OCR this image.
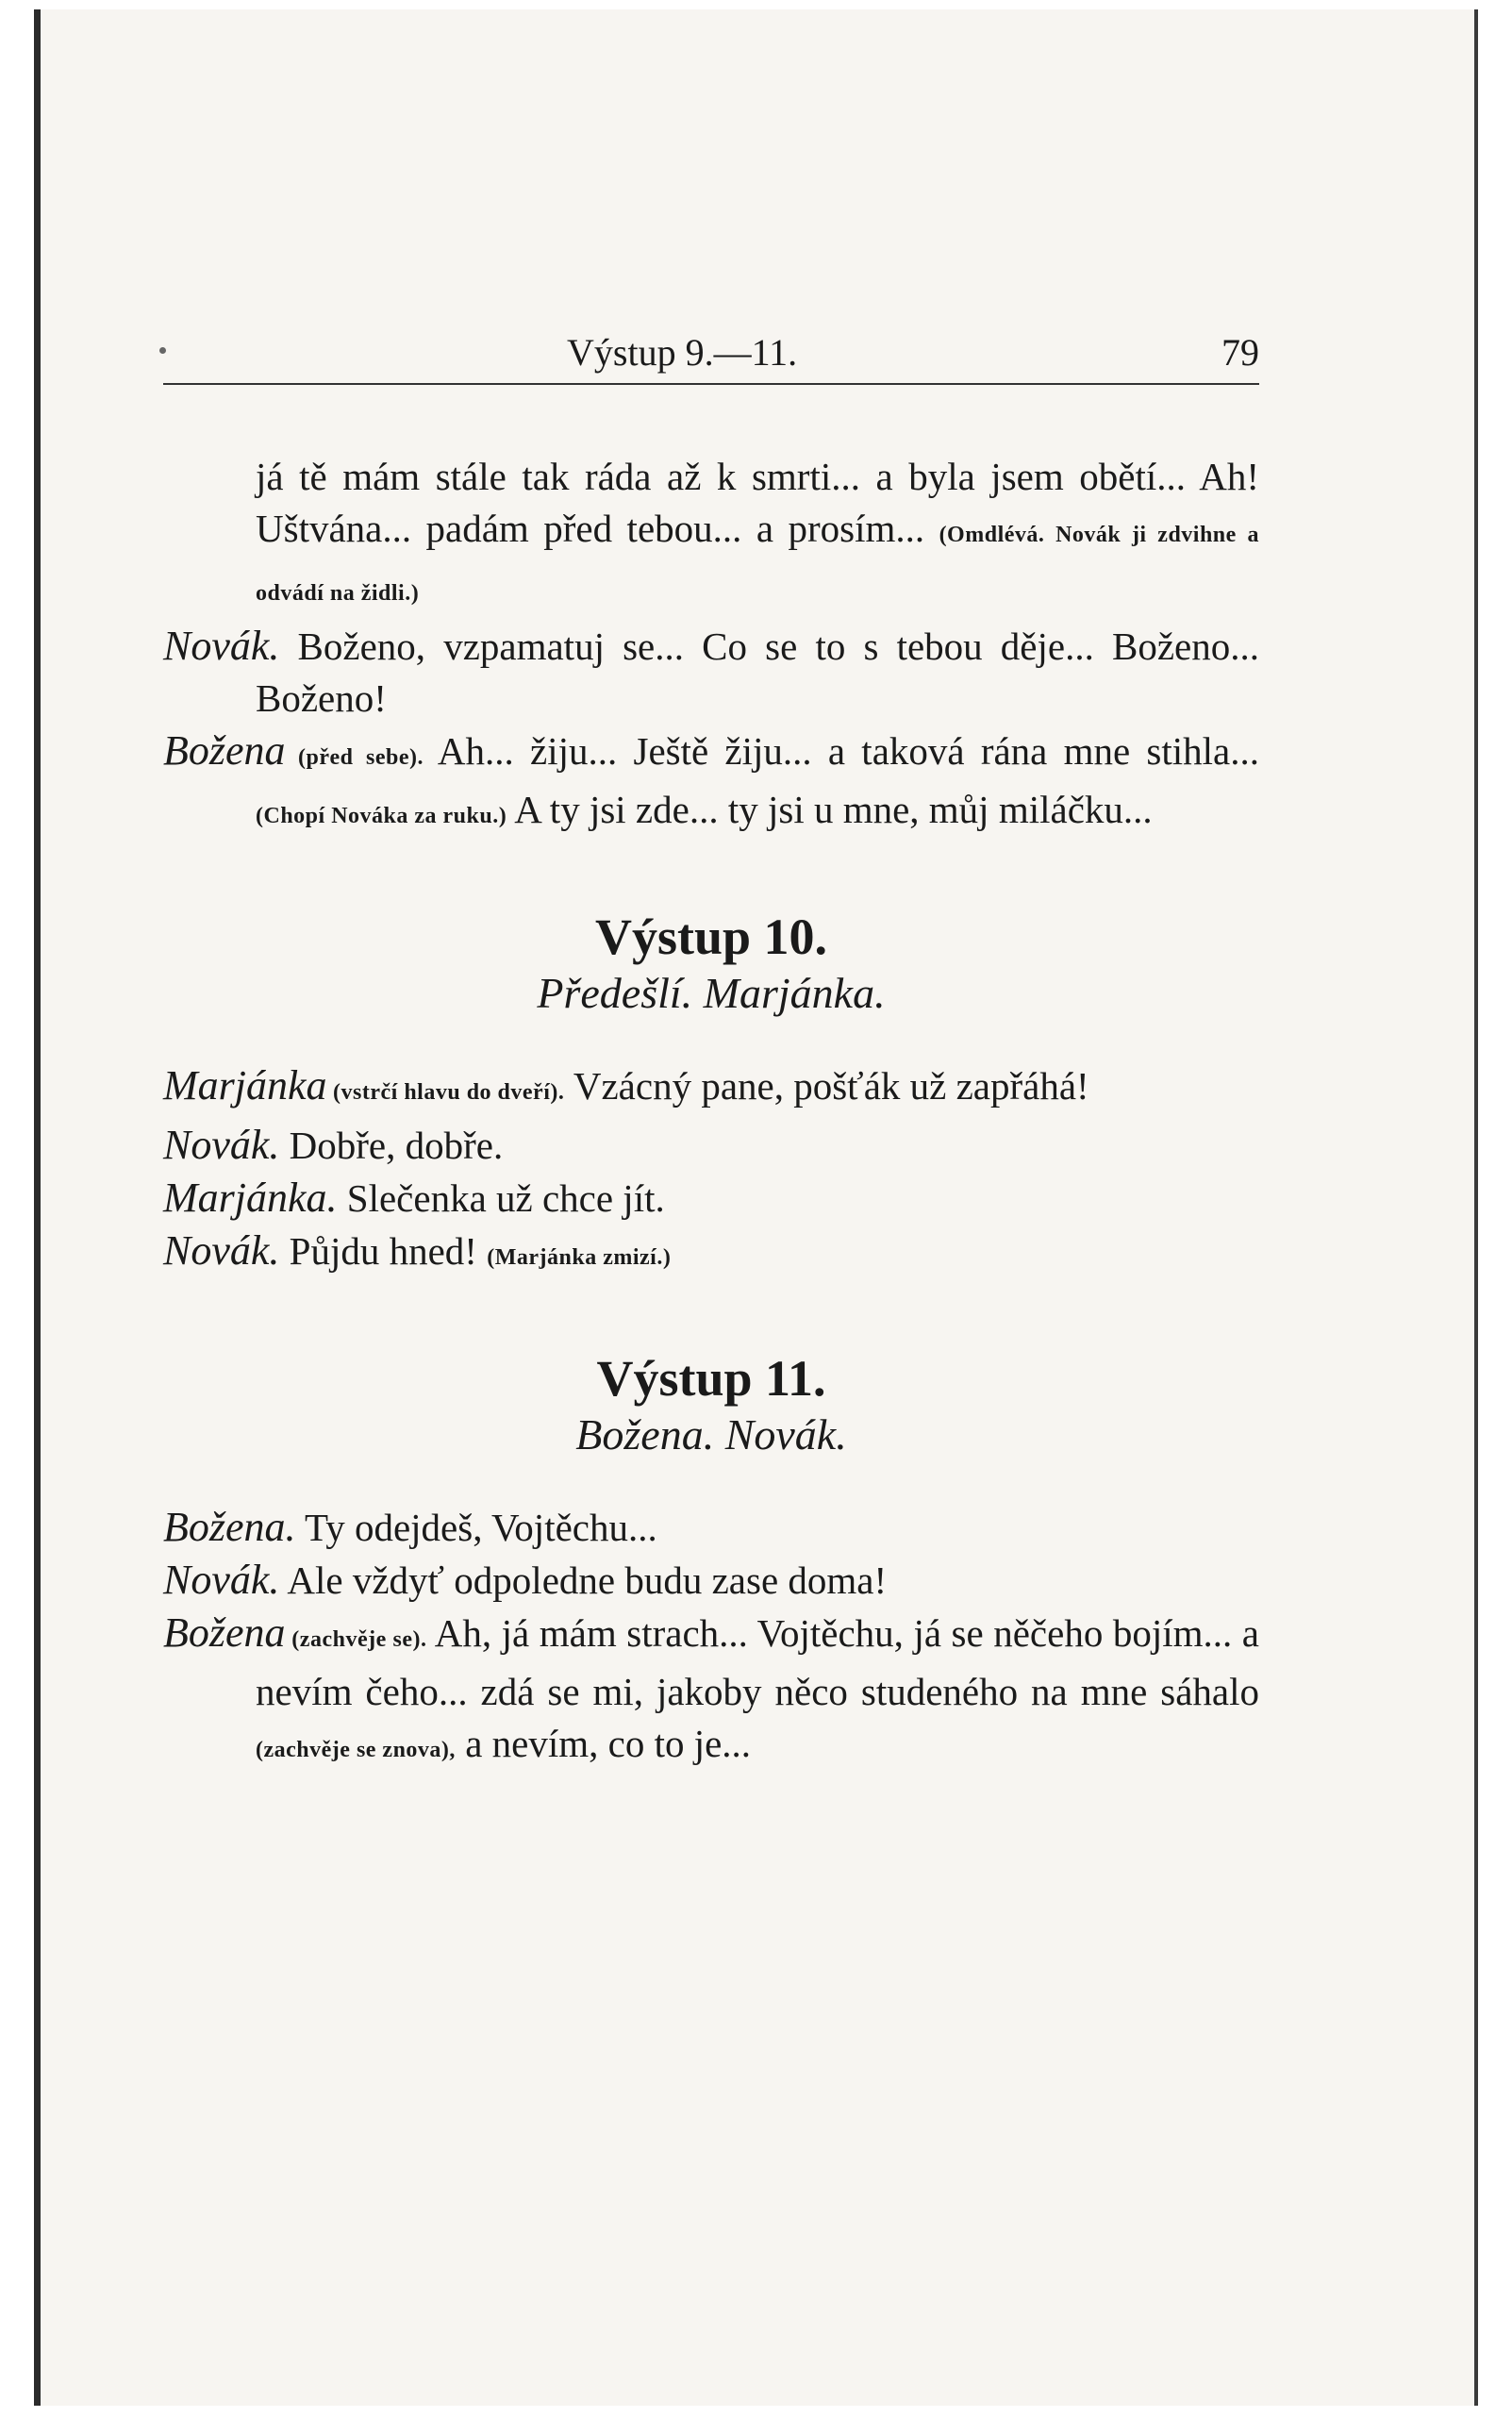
Výstup 9.—11.	79

já tě mám stále tak ráda až k smrti... a byla jsem obětí... Ah! Uštvána... padám před tebou... a prosím... (Omdlévá. Novák ji zdvihne a odvádí na židli.)

Novák. Boženo, vzpamatuj se... Co se to s tebou děje... Boženo... Boženo!

Božena (před sebe). Ah... žiju... Ještě žiju... a taková rána mne stihla... (Chopí Nováka za ruku.) A ty jsi zde... ty jsi u mne, můj miláčku...

Výstup 10.
Předešlí. Marjánka.

Marjánka (vstrčí hlavu do dveří). Vzácný pane, pošťák už zapřáhá!

Novák. Dobře, dobře.

Marjánka. Slečenka už chce jít.

Novák. Půjdu hned! (Marjánka zmizí.)

Výstup 11.
Božena. Novák.

Božena. Ty odejdeš, Vojtěchu...

Novák. Ale vždyť odpoledne budu zase doma!

Božena (zachvěje se). Ah, já mám strach... Vojtěchu, já se něčeho bojím... a nevím čeho... zdá se mi, jakoby něco studeného na mne sáhalo (zachvěje se znova), a nevím, co to je...
